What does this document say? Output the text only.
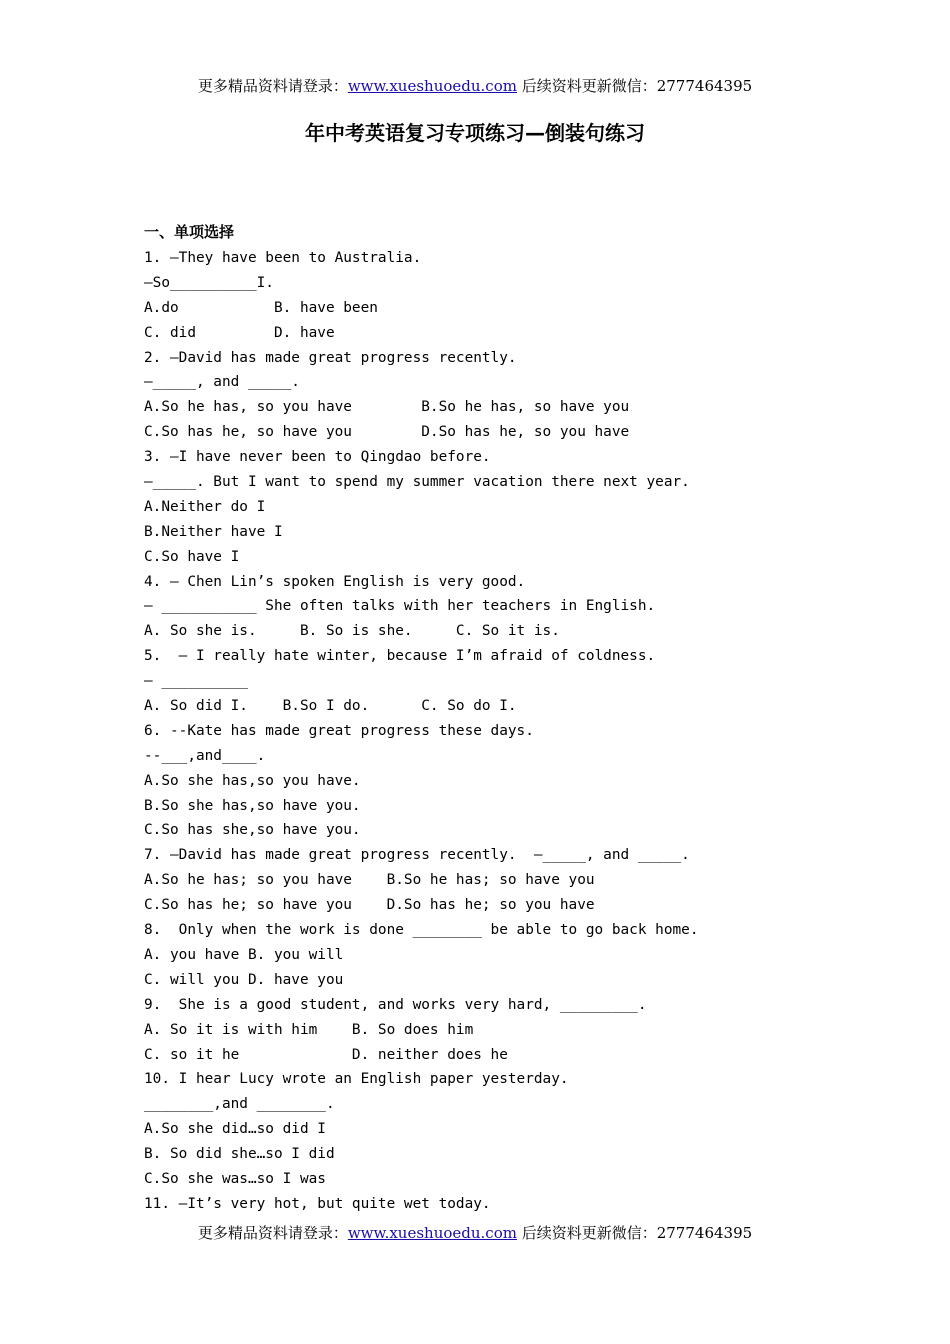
更多精品资料请登录：www.xueshuoedu.com 后续资料更新微信：2777464395
年中考英语复习专项练习—倒装句练习
一、单项选择
1. —They have been to Australia.
—So__________I.
A.do           B. have been
C. did         D. have
2. —David has made great progress recently.
—_____, and _____.
A.So he has, so you have        B.So he has, so have you
C.So has he, so have you        D.So has he, so you have
3. —I have never been to Qingdao before.
—_____. But I want to spend my summer vacation there next year.
A.Neither do I
B.Neither have I
C.So have I
4. — Chen Lin’s spoken English is very good.
— ___________ She often talks with her teachers in English.
A. So she is.     B. So is she.     C. So it is.
5.  — I really hate winter, because I’m afraid of coldness.
— __________
A. So did I.    B.So I do.      C. So do I.
6. --Kate has made great progress these days.
--___,and____.
A.So she has,so you have.
B.So she has,so have you.
C.So has she,so have you.
7. —David has made great progress recently.  —_____, and _____.
A.So he has; so you have    B.So he has; so have you
C.So has he; so have you    D.So has he; so you have
8.  Only when the work is done ________ be able to go back home.
A. you have B. you will
C. will you D. have you
9.  She is a good student, and works very hard, _________.
A. So it is with him    B. So does him
C. so it he             D. neither does he
10. I hear Lucy wrote an English paper yesterday.
________,and ________.
A.So she did…so did I
B. So did she…so I did
C.So she was…so I was
11. —It’s very hot, but quite wet today.
更多精品资料请登录：www.xueshuoedu.com 后续资料更新微信：2777464395
